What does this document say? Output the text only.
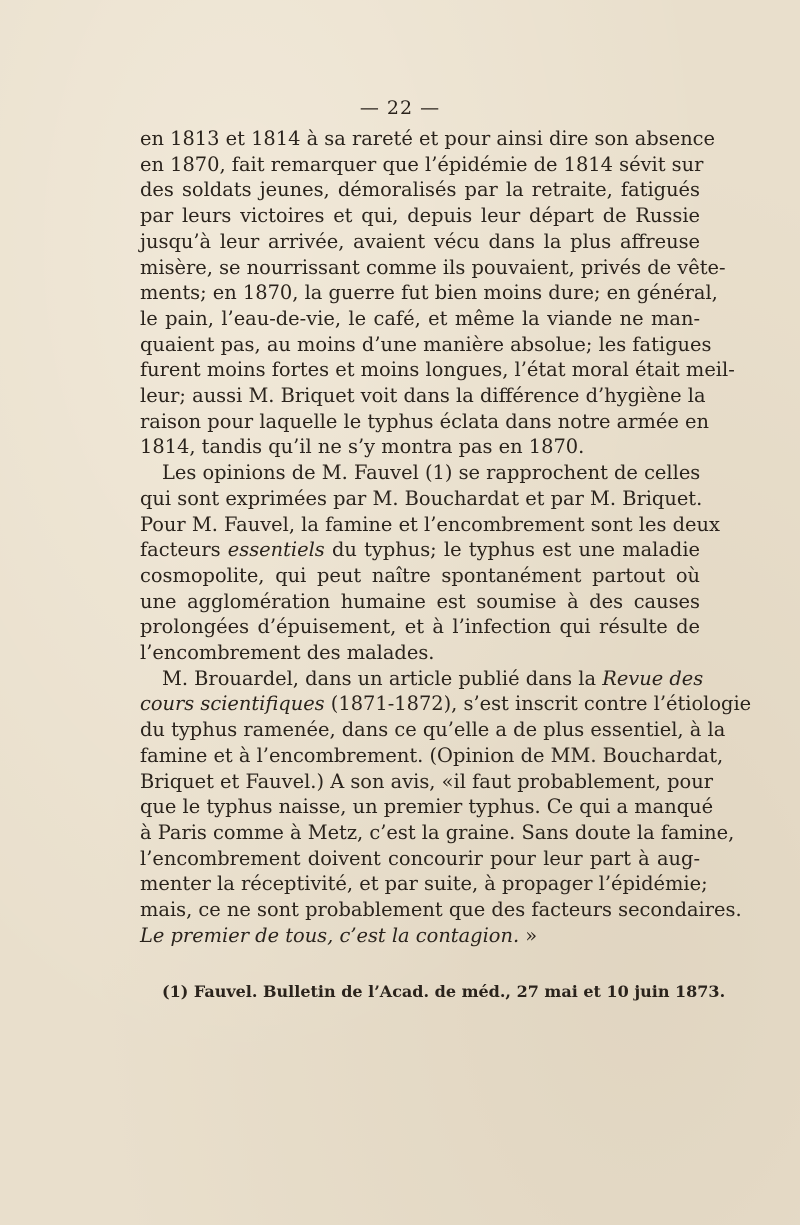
— 22 —
en 1813 et 1814 à sa rareté et pour ainsi dire son absence
en 1870, fait remarquer que l’épidémie de 1814 sévit sur
des soldats jeunes, démoralisés par la retraite, fatigués
par leurs victoires et qui, depuis leur départ de Russie
jusqu’à leur arrivée, avaient vécu dans la plus affreuse
misère, se nourrissant comme ils pouvaient, privés de vête-
ments; en 1870, la guerre fut bien moins dure; en général,
le pain, l’eau-de-vie, le café, et même la viande ne man-
quaient pas, au moins d’une manière absolue; les fatigues
furent moins fortes et moins longues, l’état moral était meil-
leur; aussi M. Briquet voit dans la différence d’hygiène la
raison pour laquelle le typhus éclata dans notre armée en
1814, tandis qu’il ne s’y montra pas en 1870.
Les opinions de M. Fauvel (1) se rapprochent de celles
qui sont exprimées par M. Bouchardat et par M. Briquet.
Pour M. Fauvel, la famine et l’encombrement sont les deux
facteurs essentiels du typhus; le typhus est une maladie
cosmopolite, qui peut naître spontanément partout où
une agglomération humaine est soumise à des causes
prolongées d’épuisement, et à l’infection qui résulte de
l’encombrement des malades.
M. Brouardel, dans un article publié dans la Revue des
cours scientifiques (1871-1872), s’est inscrit contre l’étiologie
du typhus ramenée, dans ce qu’elle a de plus essentiel, à la
famine et à l’encombrement. (Opinion de MM. Bouchardat,
Briquet et Fauvel.) A son avis, «il faut probablement, pour
que le typhus naisse, un premier typhus. Ce qui a manqué
à Paris comme à Metz, c’est la graine. Sans doute la famine,
l’encombrement doivent concourir pour leur part à aug-
menter la réceptivité, et par suite, à propager l’épidémie;
mais, ce ne sont probablement que des facteurs secondaires.
Le premier de tous, c’est la contagion. »
(1) Fauvel. Bulletin de l’Acad. de méd., 27 mai et 10 juin 1873.
